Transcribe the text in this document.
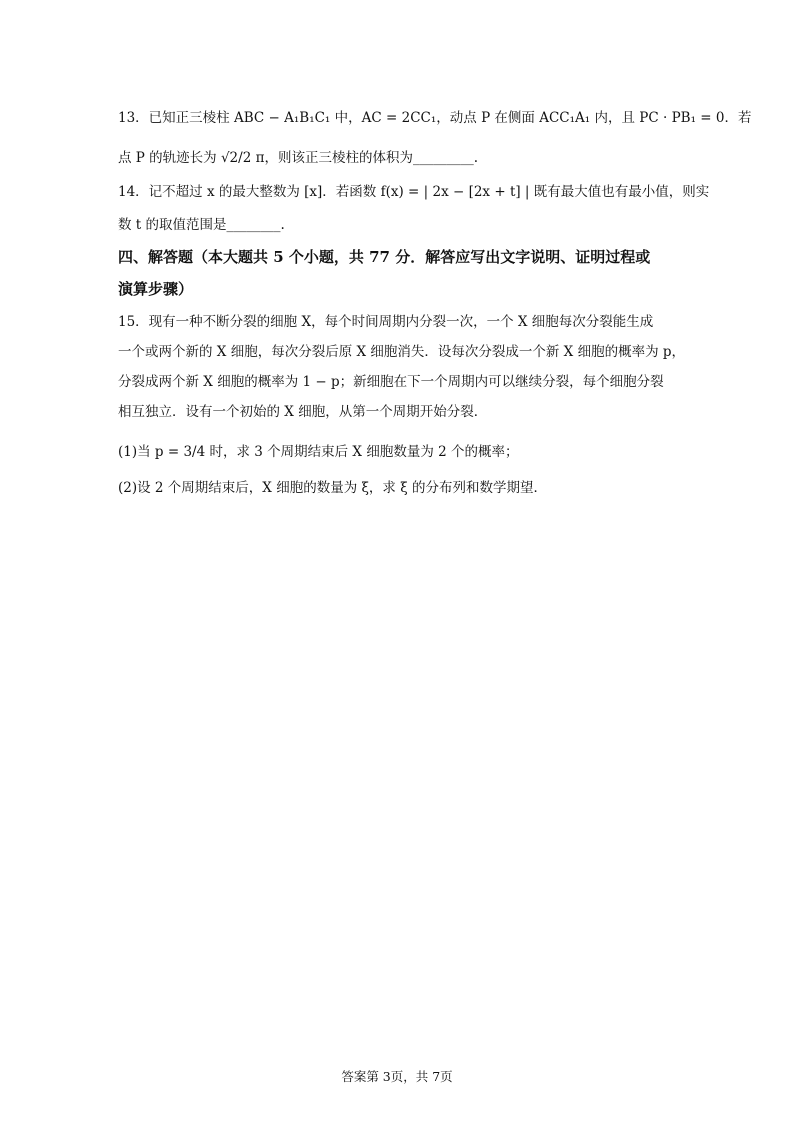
13．已知正三棱柱 ABC − A₁B₁C₁ 中，AC = 2CC₁，动点 P 在侧面 ACC₁A₁ 内，且 PC · PB₁ = 0．若
点 P 的轨迹长为 √2/2 π，则该正三棱柱的体积为_________.
14．记不超过 x 的最大整数为 [x]．若函数 f(x) = | 2x − [2x + t] | 既有最大值也有最小值，则实
数 t 的取值范围是________.
四、解答题（本大题共 5 个小题，共 77 分．解答应写出文字说明、证明过程或
演算步骤）
15．现有一种不断分裂的细胞 X，每个时间周期内分裂一次，一个 X 细胞每次分裂能生成
一个或两个新的 X 细胞，每次分裂后原 X 细胞消失．设每次分裂成一个新 X 细胞的概率为 p，
分裂成两个新 X 细胞的概率为 1 − p；新细胞在下一个周期内可以继续分裂，每个细胞分裂
相互独立．设有一个初始的 X 细胞，从第一个周期开始分裂．
(1)当 p = 3/4 时，求 3 个周期结束后 X 细胞数量为 2 个的概率；
(2)设 2 个周期结束后，X 细胞的数量为 ξ，求 ξ 的分布列和数学期望．
答案第 3页，共 7页
